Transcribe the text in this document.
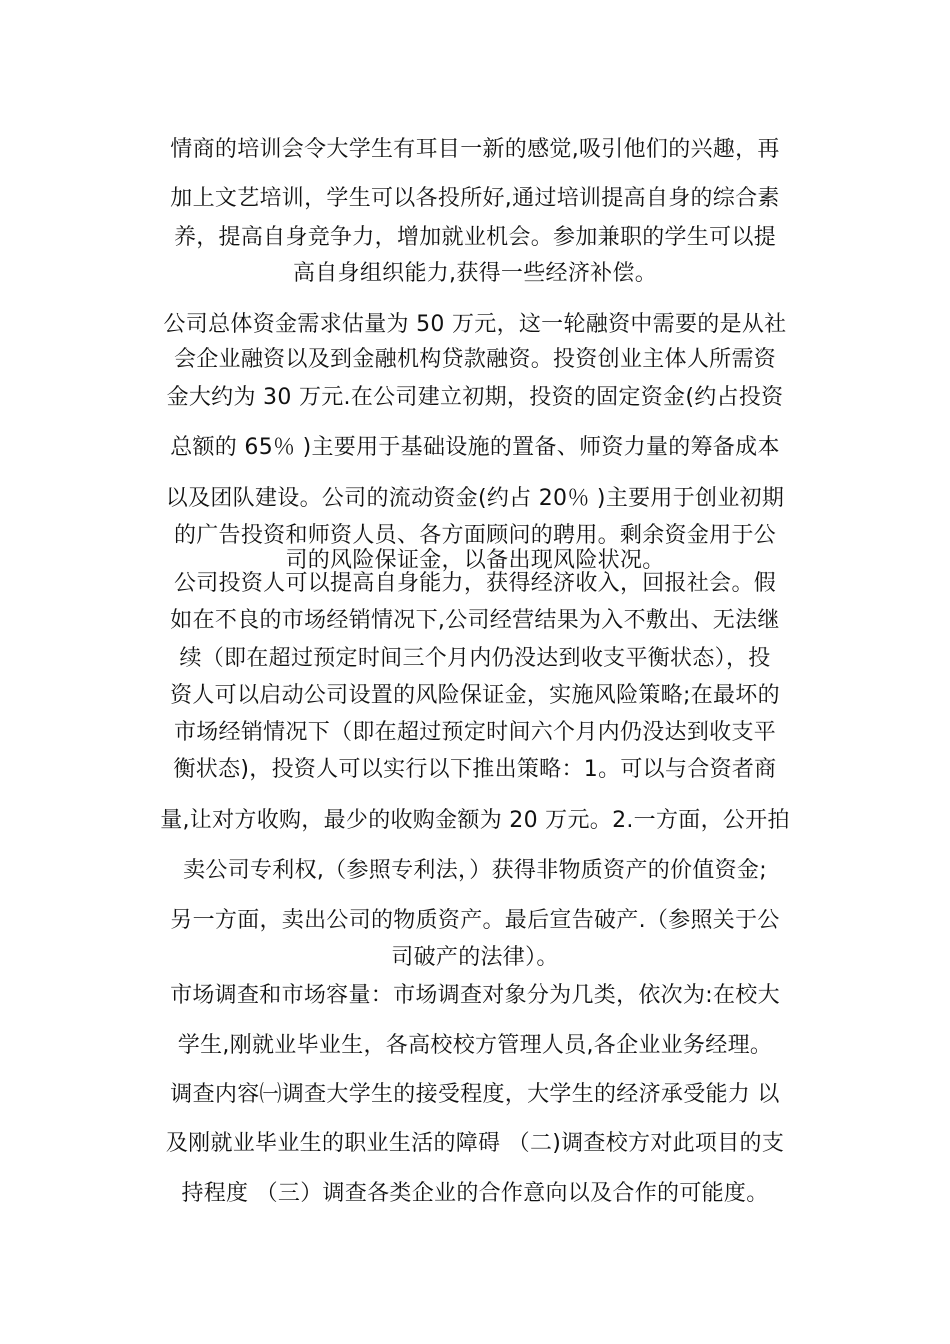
情商的培训会令大学生有耳目一新的感觉,吸引他们的兴趣，再
加上文艺培训，学生可以各投所好,通过培训提高自身的综合素
养，提高自身竞争力，增加就业机会。参加兼职的学生可以提
高自身组织能力,获得一些经济补偿。
公司总体资金需求估量为 50 万元，这一轮融资中需要的是从社
会企业融资以及到金融机构贷款融资。投资创业主体人所需资
金大约为 30 万元.在公司建立初期，投资的固定资金(约占投资
总额的 65％ )主要用于基础设施的置备、师资力量的筹备成本
以及团队建设。公司的流动资金(约占 20％ )主要用于创业初期
的广告投资和师资人员、各方面顾问的聘用。剩余资金用于公
司的风险保证金，以备出现风险状况。
公司投资人可以提高自身能力，获得经济收入，回报社会。假
如在不良的市场经销情况下,公司经营结果为入不敷出、无法继
续（即在超过预定时间三个月内仍没达到收支平衡状态），投
资人可以启动公司设置的风险保证金，实施风险策略;在最坏的
市场经销情况下（即在超过预定时间六个月内仍没达到收支平
衡状态)，投资人可以实行以下推出策略：1。可以与合资者商
量,让对方收购，最少的收购金额为 20 万元。2.一方面，公开拍
卖公司专利权,（参照专利法，）获得非物质资产的价值资金;
另一方面，卖出公司的物质资产。最后宣告破产.（参照关于公
司破产的法律）。
市场调查和市场容量：市场调查对象分为几类，依次为:在校大
学生,刚就业毕业生，各高校校方管理人员,各企业业务经理。
调查内容㈠调查大学生的接受程度，大学生的经济承受能力 以
及刚就业毕业生的职业生活的障碍 （二)调查校方对此项目的支
持程度 （三）调查各类企业的合作意向以及合作的可能度。
